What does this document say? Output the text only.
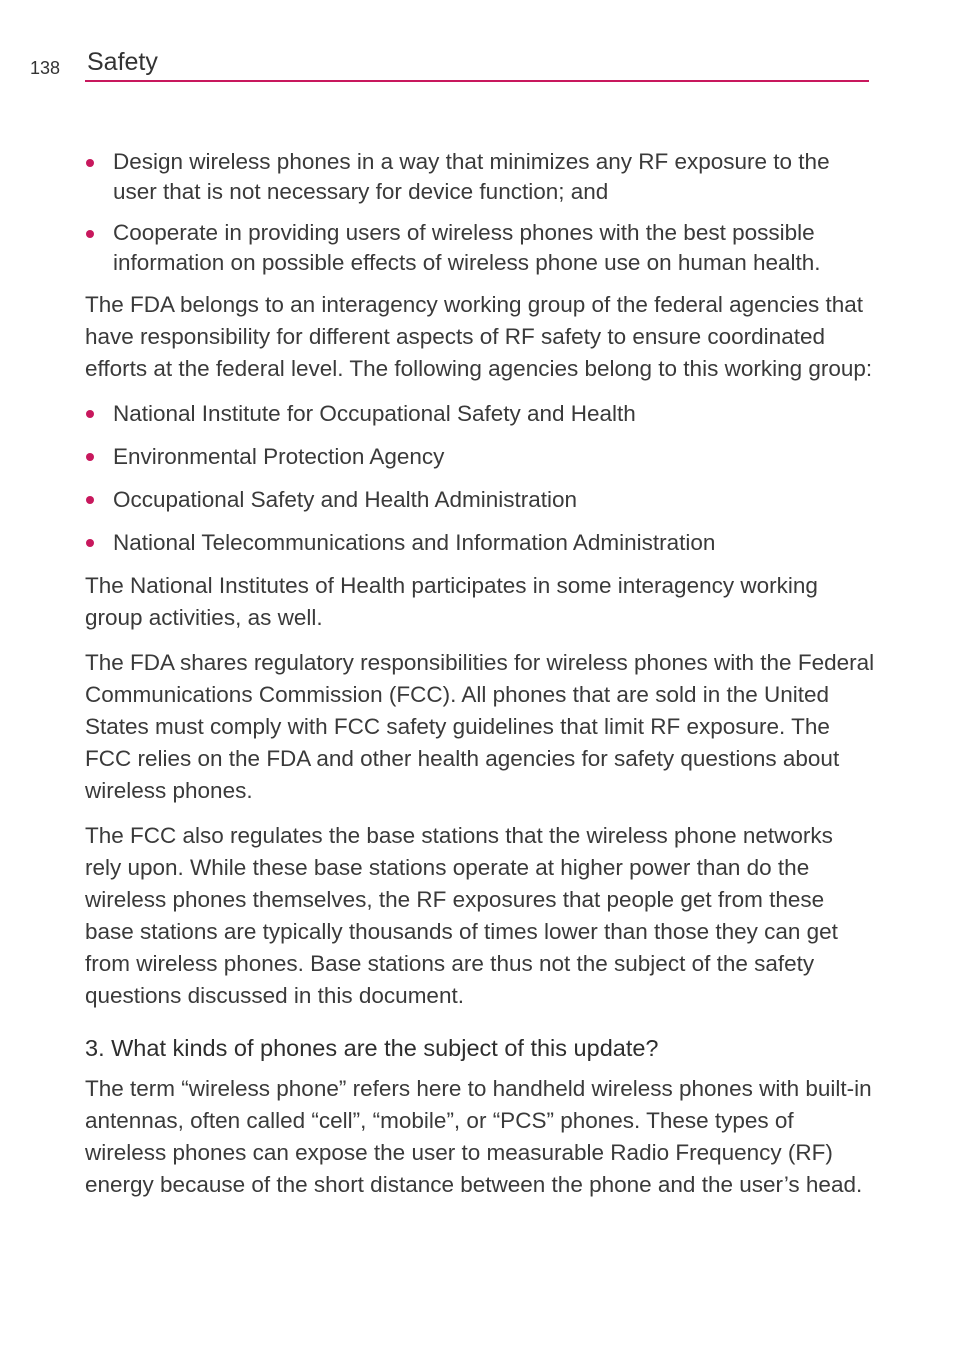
138 Safety
Design wireless phones in a way that minimizes any RF exposure to the user that is not necessary for device function; and
Cooperate in providing users of wireless phones with the best possible information on possible effects of wireless phone use on human health.

The FDA belongs to an interagency working group of the federal agencies that have responsibility for different aspects of RF safety to ensure coordinated efforts at the federal level. The following agencies belong to this working group:

National Institute for Occupational Safety and Health
Environmental Protection Agency
Occupational Safety and Health Administration
National Telecommunications and Information Administration

The National Institutes of Health participates in some interagency working group activities, as well.

The FDA shares regulatory responsibilities for wireless phones with the Federal Communications Commission (FCC). All phones that are sold in the United States must comply with FCC safety guidelines that limit RF exposure. The FCC relies on the FDA and other health agencies for safety questions about wireless phones.

The FCC also regulates the base stations that the wireless phone networks rely upon. While these base stations operate at higher power than do the wireless phones themselves, the RF exposures that people get from these base stations are typically thousands of times lower than those they can get from wireless phones. Base stations are thus not the subject of the safety questions discussed in this document.

3. What kinds of phones are the subject of this update?

The term “wireless phone” refers here to handheld wireless phones with built-in antennas, often called “cell”, “mobile”, or “PCS” phones. These types of wireless phones can expose the user to measurable Radio Frequency (RF) energy because of the short distance between the phone and the user’s head.
